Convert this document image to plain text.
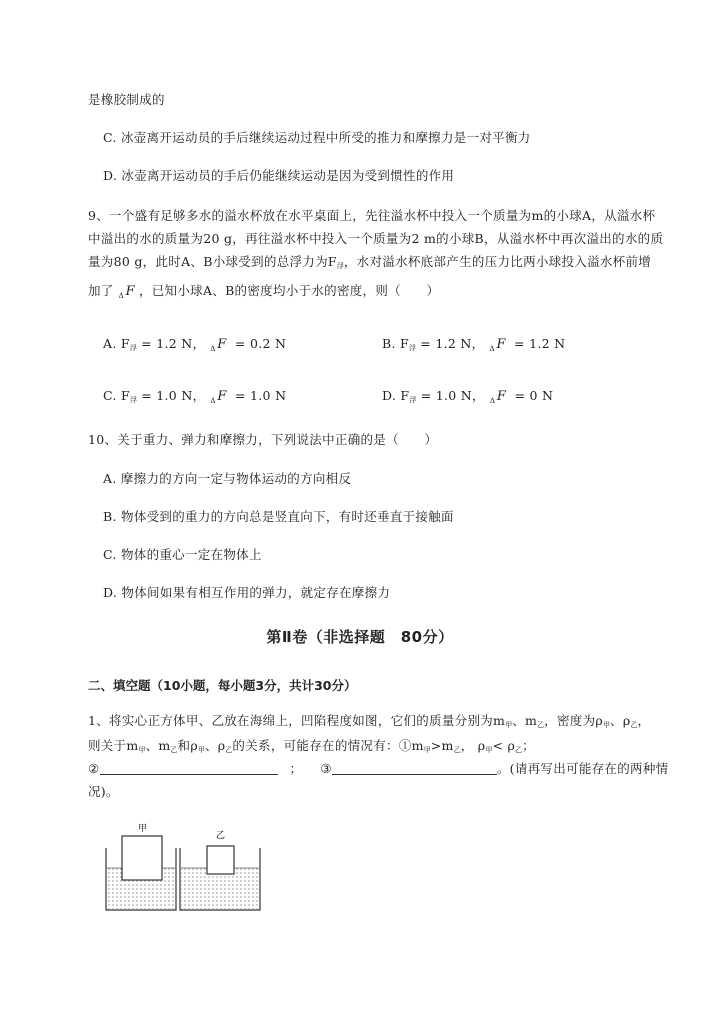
是橡胶制成的
C. 冰壶离开运动员的手后继续运动过程中所受的推力和摩擦力是一对平衡力
D. 冰壶离开运动员的手后仍能继续运动是因为受到惯性的作用
9、一个盛有足够多水的溢水杯放在水平桌面上，先往溢水杯中投入一个质量为m的小球A，从溢水杯
中溢出的水的质量为20 g，再往溢水杯中投入一个质量为2 m的小球B，从溢水杯中再次溢出的水的质
量为80 g，此时A、B小球受到的总浮力为$F_浮$，水对溢水杯底部产生的压力比两小球投入溢水杯前增
加了 Δ F ，已知小球A、B的密度均小于水的密度，则（　　）
A. $F_浮 = 1.2$ N， Δ F = 0.2 N	B. $F_浮 = 1.2$ N， Δ F = 1.2 N
C. $F_浮 = 1.0$ N， Δ F = 1.0 N	D. $F_浮 = 1.0$ N， Δ F = 0 N
10、关于重力、弹力和摩擦力，下列说法中正确的是（　　）
A. 摩擦力的方向一定与物体运动的方向相反
B. 物体受到的重力的方向总是竖直向下，有时还垂直于接触面
C. 物体的重心一定在物体上
D. 物体间如果有相互作用的弹力，就定存在摩擦力
第Ⅱ卷（非选择题　80分）
二、填空题（10小题，每小题3分，共计30分）
1、将实心正方体甲、乙放在海绵上，凹陷程度如图，它们的质量分别为$m_甲$、$m_乙$，密度为$\rho_甲$、$\rho_乙$，
则关于$m_甲$、$m_乙$和$\rho_甲$、$\rho_乙$的关系，可能存在的情况有：$①m_甲>m_乙$， $\rho_甲< \rho_乙$；
②	； ③	。(请再写出可能存在的两种情
况)。
甲
乙
